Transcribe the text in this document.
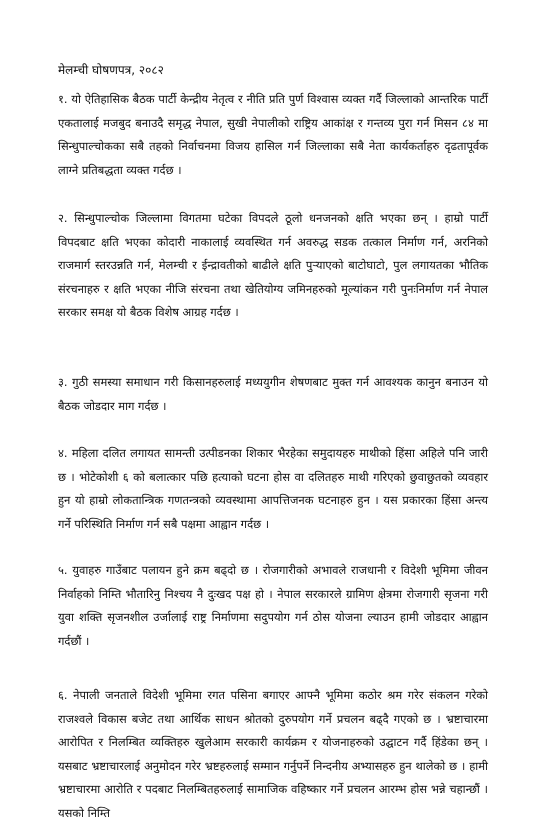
मेलम्ची घोषणपत्र, २०८२
१. यो ऐतिहासिक बैठक पार्टी केन्द्रीय नेतृत्व र नीति प्रति पुर्ण विश्वास व्यक्त गर्दै जिल्लाको आन्तरिक पार्टी एकतालाई मजबुद बनाउदै समृद्ध नेपाल, सुखी नेपालीको राष्ट्रिय आकांक्ष र गन्तव्य पुरा गर्न मिसन ८४ मा सिन्धुपाल्चोकका सबै तहको निर्वाचनमा विजय हासिल गर्न जिल्लाका सबै नेता कार्यकर्ताहरु दृढतापूर्वक लाग्ने प्रतिबद्धता व्यक्त गर्दछ ।
२. सिन्धुपाल्चोक जिल्लामा विगतमा घटेका विपदले ठूलो धनजनको क्षति भएका छन् । हाम्रो पार्टी विपदबाट क्षति भएका कोदारी नाकालाई व्यवस्थित गर्न अवरुद्ध सडक तत्काल निर्माण गर्न, अरनिको राजमार्ग स्तरउन्नति गर्न, मेलम्ची र ईन्द्रावतीको बाढीले क्षति पुऱ्याएको बाटोघाटो, पुल लगायतका भौतिक संरचनाहरु र क्षति भएका नीजि संरचना तथा खेतियोग्य जमिनहरुको मूल्यांकन गरी पुनःनिर्माण गर्न नेपाल सरकार समक्ष यो बैठक विशेष आग्रह गर्दछ ।
३. गुठी समस्या समाधान गरी किसानहरुलाई मध्ययुगीन शेषणबाट मुक्त गर्न आवश्यक कानुन बनाउन यो बैठक जोडदार माग गर्दछ ।
४. महिला दलित लगायत सामन्ती उत्पीडनका शिकार भैरहेका समुदायहरु माथीको हिंसा अहिले पनि जारी छ । भोटेकोशी ६ को बलात्कार पछि हत्याको घटना होस वा दलितहरु माथी गरिएको छुवाछुतको व्यवहार हुन यो हाम्रो लोकतान्त्रिक गणतन्त्रको व्यवस्थामा आपत्तिजनक घटनाहरु हुन । यस प्रकारका हिंसा अन्त्य गर्ने परिस्थिति निर्माण गर्न सबै पक्षमा आह्वान गर्दछ ।
५. युवाहरु गाउँबाट पलायन हुने क्रम बढ्दो छ । रोजगारीको अभावले राजधानी र विदेशी भूमिमा जीवन निर्वाहको निम्ति भौतारिनु निश्चय नै दुःखद पक्ष हो । नेपाल सरकारले ग्रामिण क्षेत्रमा रोजगारी सृजना गरी युवा शक्ति सृजनशील उर्जालाई राष्ट्र निर्माणमा सदुपयोग गर्न ठोस योजना ल्याउन हामी जोडदार आह्वान गर्दछौं ।
६. नेपाली जनताले विदेशी भूमिमा रगत पसिना बगाएर आफ्नै भूमिमा कठोर श्रम गरेर संकलन गरेको राजश्वले विकास बजेट तथा आर्थिक साधन श्रोतको दुरुपयोग गर्ने प्रचलन बढ्दै गएको छ । भ्रष्टाचारमा आरोपित र निलम्बित व्यक्तिहरु खुलेआम सरकारी कार्यक्रम र योजनाहरुको उद्घाटन गर्दै हिंडेका छन् । यसबाट भ्रष्टाचारलाई अनुमोदन गरेर भ्रष्टहरुलाई सम्मान गर्नुपर्ने निन्दनीय अभ्यासहरु हुन थालेको छ । हामी भ्रष्टाचारमा आरोति र पदबाट निलम्बितहरुलाई सामाजिक वहिष्कार गर्ने प्रचलन आरम्भ होस भन्ने चहान्छौं । यसको निम्ति
